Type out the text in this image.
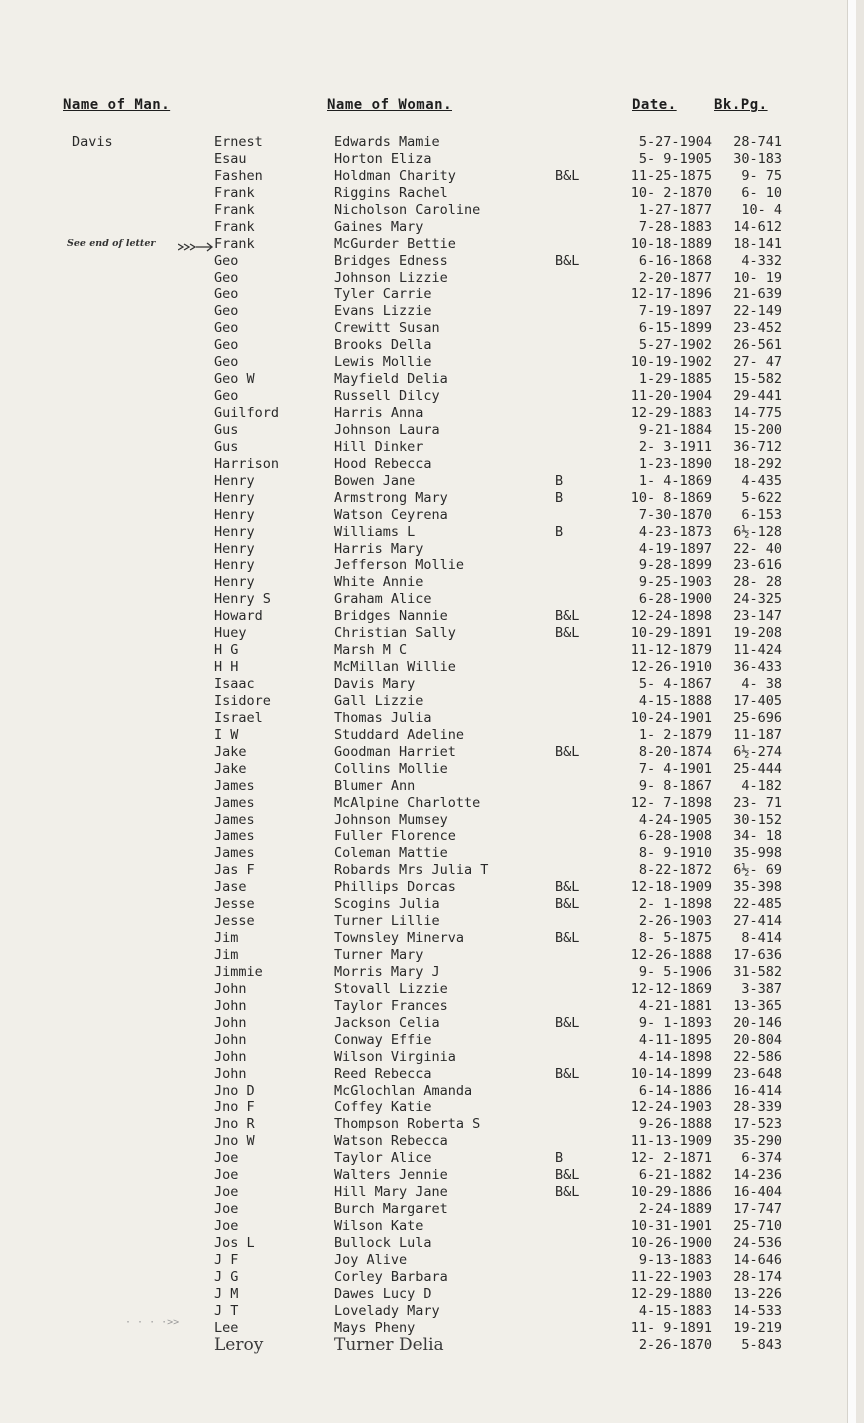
Name of Man.	Name of Woman.	Date.	Bk.Pg.
See end of letter
· · · ·>>
Davis	Ernest	Edwards Mamie	5-27-1904	28-741
Esau	Horton Eliza	5- 9-1905	30-183
Fashen	Holdman Charity	B&L	11-25-1875	9- 75
Frank	Riggins Rachel	10- 2-1870	6- 10
Frank	Nicholson Caroline	1-27-1877	10- 4
Frank	Gaines Mary	7-28-1883	14-612
Frank	McGurder Bettie	10-18-1889	18-141
Geo	Bridges Edness	B&L	6-16-1868	4-332
Geo	Johnson Lizzie	2-20-1877	10- 19
Geo	Tyler Carrie	12-17-1896	21-639
Geo	Evans Lizzie	7-19-1897	22-149
Geo	Crewitt Susan	6-15-1899	23-452
Geo	Brooks Della	5-27-1902	26-561
Geo	Lewis Mollie	10-19-1902	27- 47
Geo W	Mayfield Delia	1-29-1885	15-582
Geo	Russell Dilcy	11-20-1904	29-441
Guilford	Harris Anna	12-29-1883	14-775
Gus	Johnson Laura	9-21-1884	15-200
Gus	Hill Dinker	2- 3-1911	36-712
Harrison	Hood Rebecca	1-23-1890	18-292
Henry	Bowen Jane	B	1- 4-1869	4-435
Henry	Armstrong Mary	B	10- 8-1869	5-622
Henry	Watson Ceyrena	7-30-1870	6-153
Henry	Williams L	B	4-23-1873	6½-128
Henry	Harris Mary	4-19-1897	22- 40
Henry	Jefferson Mollie	9-28-1899	23-616
Henry	White Annie	9-25-1903	28- 28
Henry S	Graham Alice	6-28-1900	24-325
Howard	Bridges Nannie	B&L	12-24-1898	23-147
Huey	Christian Sally	B&L	10-29-1891	19-208
H G	Marsh M C	11-12-1879	11-424
H H	McMillan Willie	12-26-1910	36-433
Isaac	Davis Mary	5- 4-1867	4- 38
Isidore	Gall Lizzie	4-15-1888	17-405
Israel	Thomas Julia	10-24-1901	25-696
I W	Studdard Adeline	1- 2-1879	11-187
Jake	Goodman Harriet	B&L	8-20-1874	6½-274
Jake	Collins Mollie	7- 4-1901	25-444
James	Blumer Ann	9- 8-1867	4-182
James	McAlpine Charlotte	12- 7-1898	23- 71
James	Johnson Mumsey	4-24-1905	30-152
James	Fuller Florence	6-28-1908	34- 18
James	Coleman Mattie	8- 9-1910	35-998
Jas F	Robards Mrs Julia T	8-22-1872	6½- 69
Jase	Phillips Dorcas	B&L	12-18-1909	35-398
Jesse	Scogins Julia	B&L	2- 1-1898	22-485
Jesse	Turner Lillie	2-26-1903	27-414
Jim	Townsley Minerva	B&L	8- 5-1875	8-414
Jim	Turner Mary	12-26-1888	17-636
Jimmie	Morris Mary J	9- 5-1906	31-582
John	Stovall Lizzie	12-12-1869	3-387
John	Taylor Frances	4-21-1881	13-365
John	Jackson Celia	B&L	9- 1-1893	20-146
John	Conway Effie	4-11-1895	20-804
John	Wilson Virginia	4-14-1898	22-586
John	Reed Rebecca	B&L	10-14-1899	23-648
Jno D	McGlochlan Amanda	6-14-1886	16-414
Jno F	Coffey Katie	12-24-1903	28-339
Jno R	Thompson Roberta S	9-26-1888	17-523
Jno W	Watson Rebecca	11-13-1909	35-290
Joe	Taylor Alice	B	12- 2-1871	6-374
Joe	Walters Jennie	B&L	6-21-1882	14-236
Joe	Hill Mary Jane	B&L	10-29-1886	16-404
Joe	Burch Margaret	2-24-1889	17-747
Joe	Wilson Kate	10-31-1901	25-710
Jos L	Bullock Lula	10-26-1900	24-536
J F	Joy Alive	9-13-1883	14-646
J G	Corley Barbara	11-22-1903	28-174
J M	Dawes Lucy D	12-29-1880	13-226
J T	Lovelady Mary	4-15-1883	14-533
Lee	Mays Pheny	11- 9-1891	19-219
Leroy	Turner Delia	2-26-1870	5-843
